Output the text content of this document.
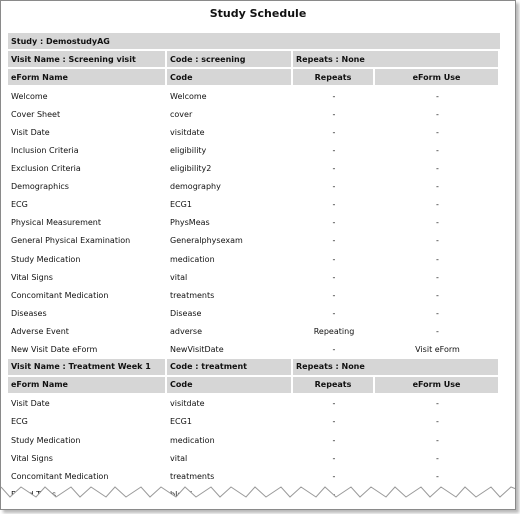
Study Schedule
Study : DemostudyAG
Visit Name : Screening visit	Code : screening	Repeats : None
eForm Name	Code	Repeats	eForm Use
Welcome	Welcome	-	-
Cover Sheet	cover	-	-
Visit Date	visitdate	-	-
Inclusion Criteria	eligibility	-	-
Exclusion Criteria	eligibility2	-	-
Demographics	demography	-	-
ECG	ECG1	-	-
Physical Measurement	PhysMeas	-	-
General Physical Examination	Generalphysexam	-	-
Study Medication	medication	-	-
Vital Signs	vital	-	-
Concomitant Medication	treatments	-	-
Diseases	Disease	-	-
Adverse Event	adverse	Repeating	-
New Visit Date eForm	NewVisitDate	-	Visit eForm
Visit Name : Treatment Week 1	Code : treatment	Repeats : None
eForm Name	Code	Repeats	eForm Use
Visit Date	visitdate	-	-
ECG	ECG1	-	-
Study Medication	medication	-	-
Vital Signs	vital	-	-
Concomitant Medication	treatments	-	-
Blood Tests	-
